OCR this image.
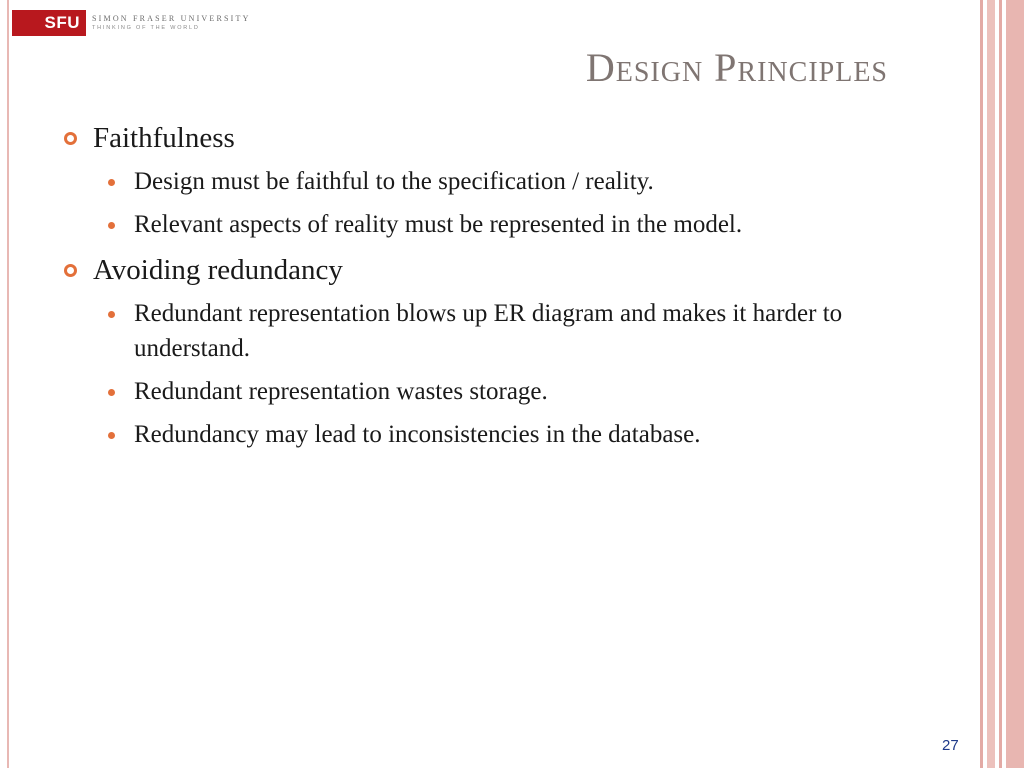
SFU	SIMON FRASER UNIVERSITY
THINKING OF THE WORLD
Design Principles

Faithfulness

Design must be faithful to the specification / reality.
Relevant aspects of reality must be represented in the model.

Avoiding redundancy

Redundant representation blows up ER diagram and makes it harder to understand.
Redundant representation wastes storage.
Redundancy may lead to inconsistencies in the database.
27
